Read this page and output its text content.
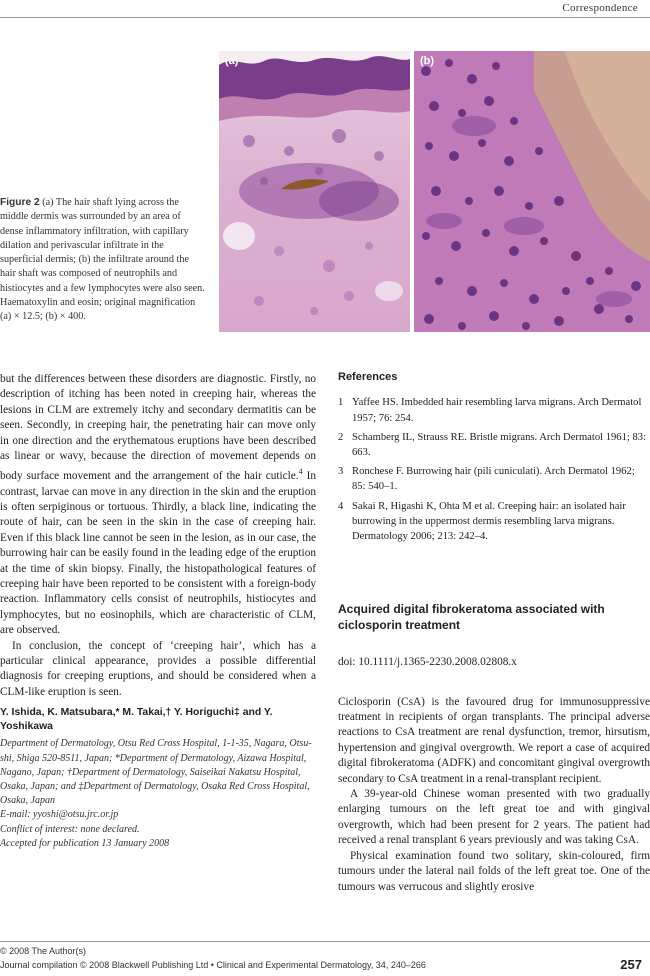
Correspondence
Figure 2 (a) The hair shaft lying across the middle dermis was surrounded by an area of dense inflammatory infiltration, with capillary dilation and perivascular infiltrate in the superficial dermis; (b) the infiltrate around the hair shaft was composed of neutrophils and histiocytes and a few lymphocytes were also seen. Haematoxylin and eosin; original magnification (a) × 12.5; (b) × 400.
(a)	(b)

but the differences between these disorders are diagnostic. Firstly, no description of itching has been noted in creeping hair, whereas the lesions in CLM are extremely itchy and secondary dermatitis can be seen. Secondly, in creeping hair, the penetrating hair can move only in one direction and the erythematous eruptions have been described as linear or wavy, because the direction of movement depends on body surface movement and the arrangement of the hair cuticle.$^4$ In contrast, larvae can move in any direction in the skin and the eruption is often serpiginous or tortuous. Thirdly, a black line, indicating the route of hair, can be seen in the skin in the case of creeping hair. Even if this black line cannot be seen in the lesion, as in our case, the burrowing hair can be easily found in the leading edge of the eruption at the time of skin biopsy. Finally, the histopathological features of creeping hair have been reported to be consistent with a foreign-body reaction. Inflammatory cells consist of neutrophils, histiocytes and lymphocytes, but no eosinophils, which are characteristic of CLM, are observed.

In conclusion, the concept of ‘creeping hair’, which has a particular clinical appearance, provides a possible differential diagnosis for creeping eruptions, and should be considered when a CLM-like eruption is seen.

Y. Ishida, K. Matsubara,* M. Takai,† Y. Horiguchi‡ and Y. Yoshikawa

Department of Dermatology, Otsu Red Cross Hospital, 1-1-35, Nagara, Otsu-shi, Shiga 520-8511, Japan; *Department of Dermatology, Aizawa Hospital, Nagano, Japan; †Department of Dermatology, Saiseikai Nakatsu Hospital, Osaka, Japan; and ‡Department of Dermatology, Osaka Red Cross Hospital, Osaka, Japan

E-mail: yyoshi@otsu.jrc.or.jp

Conflict of interest: none declared.

Accepted for publication 13 January 2008

References
1 Yaffee HS. Imbedded hair resembling larva migrans. Arch Dermatol 1957; 76: 254.
2 Schamberg IL, Strauss RE. Bristle migrans. Arch Dermatol 1961; 83: 663.
3 Ronchese F. Burrowing hair (pili cuniculati). Arch Dermatol 1962; 85: 540–1.
4 Sakai R, Higashi K, Ohta M et al. Creeping hair: an isolated hair burrowing in the uppermost dermis resembling larva migrans. Dermatology 2006; 213: 242–4.
Acquired digital fibrokeratoma associated with ciclosporin treatment

doi: 10.1111/j.1365-2230.2008.02808.x

Ciclosporin (CsA) is the favoured drug for immunosuppressive treatment in recipients of organ transplants. The principal adverse reactions to CsA treatment are renal dysfunction, tremor, hirsutism, hypertension and gingival overgrowth. We report a case of acquired digital fibrokeratoma (ADFK) and concomitant gingival overgrowth secondary to CsA treatment in a renal-transplant recipient.

A 39-year-old Chinese woman presented with two gradually enlarging tumours on the left great toe and with gingival overgrowth, which had been present for 2 years. The patient had received a renal transplant 6 years previously and was taking CsA.

Physical examination found two solitary, skin-coloured, firm tumours under the lateral nail folds of the left great toe. One of the tumours was verrucous and slightly erosive

© 2008 The Author(s)
Journal compilation © 2008 Blackwell Publishing Ltd • Clinical and Experimental Dermatology, 34, 240–266	257
